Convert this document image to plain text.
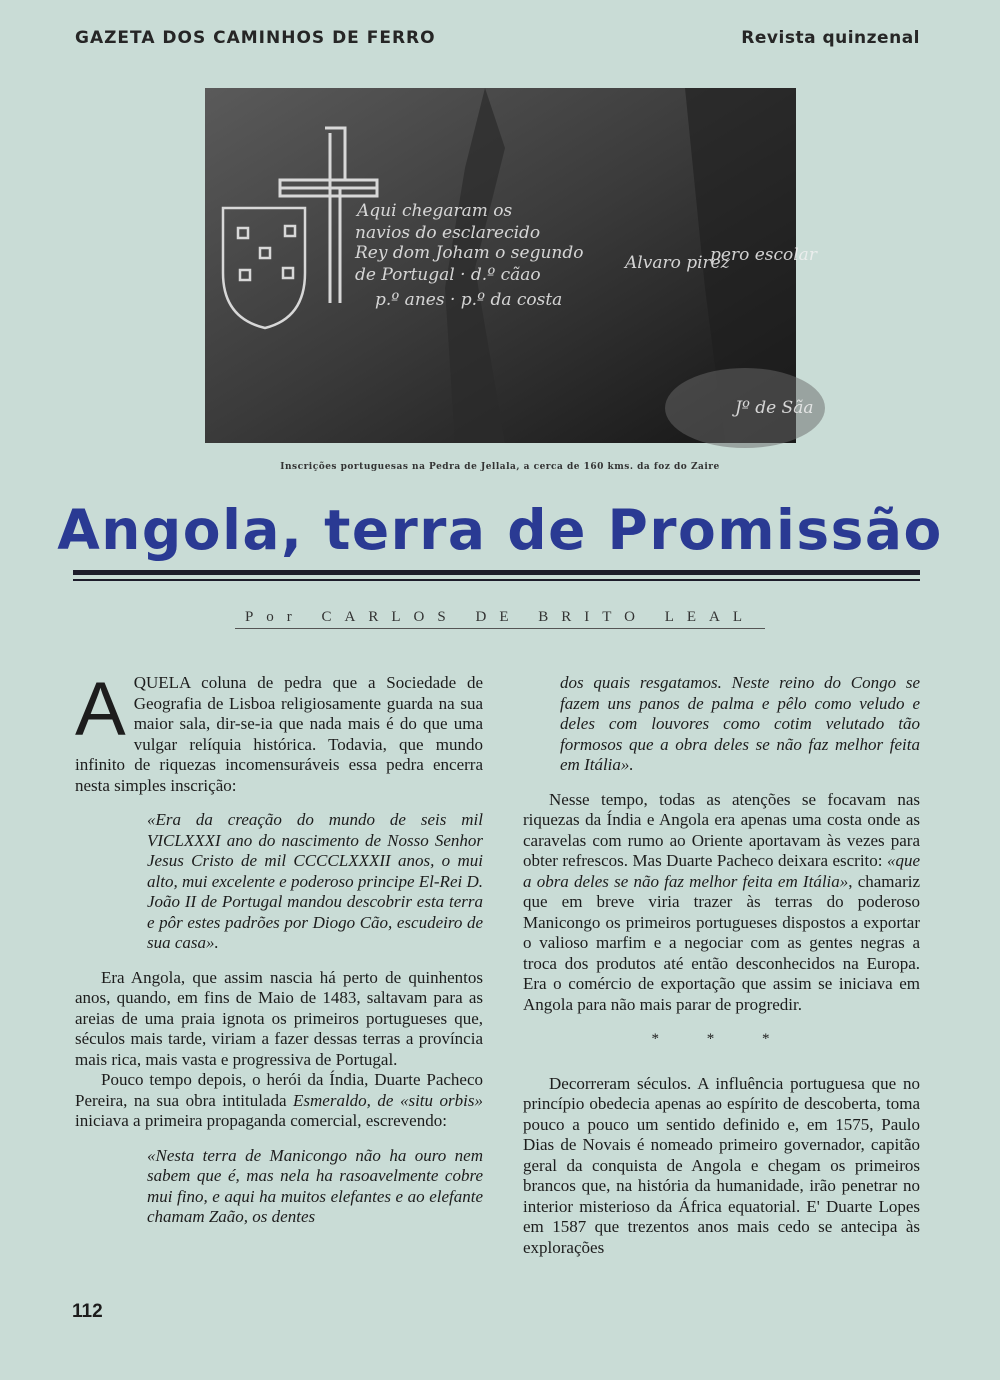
GAZETA DOS CAMINHOS DE FERRO	Revista quinzenal
Aqui chegaram os
navios do esclarecido
Rey dom Joham o segundo
de Portugal · d.º cãao
p.º anes · p.º da costa
Alvaro pirez
pero escolar
Jº de Sãa
Inscrições portuguesas na Pedra de Jellala, a cerca de 160 kms. da foz do Zaire
Angola, terra de Promissão
Por CARLOS DE BRITO LEAL

AQUELA coluna de pedra que a Sociedade de Geografia de Lisboa religiosamente guarda na sua maior sala, dir-se-ia que nada mais é do que uma vulgar relíquia histórica. Todavia, que mundo infinito de riquezas incomensuráveis essa pedra encerra nesta simples inscrição:

«Era da creação do mundo de seis mil VICLXXXI ano do nascimento de Nosso Senhor Jesus Cristo de mil CCCCLXXXII anos, o mui alto, mui excelente e poderoso principe El-Rei D. João II de Portugal mandou descobrir esta terra e pôr estes padrões por Diogo Cão, escudeiro de sua casa».

Era Angola, que assim nascia há perto de quinhentos anos, quando, em fins de Maio de 1483, saltavam para as areias de uma praia ignota os primeiros portugueses que, séculos mais tarde, viriam a fazer dessas terras a província mais rica, mais vasta e progressiva de Portugal.

Pouco tempo depois, o herói da Índia, Duarte Pacheco Pereira, na sua obra intitulada Esmeraldo, de «situ orbis» iniciava a primeira propaganda comercial, escrevendo:

«Nesta terra de Manicongo não ha ouro nem sabem que é, mas nela ha rasoavelmente cobre mui fino, e aqui ha muitos elefantes e ao elefante chamam Zaão, os dentes

dos quais resgatamos. Neste reino do Congo se fazem uns panos de palma e pêlo como veludo e deles com louvores como cotim velutado tão formosos que a obra deles se não faz melhor feita em Itália».

Nesse tempo, todas as atenções se focavam nas riquezas da Índia e Angola era apenas uma costa onde as caravelas com rumo ao Oriente aportavam às vezes para obter refrescos. Mas Duarte Pacheco deixara escrito: «que a obra deles se não faz melhor feita em Itália», chamariz que em breve viria trazer às terras do poderoso Manicongo os primeiros portugueses dispostos a exportar o valioso marfim e a negociar com as gentes negras a troca dos produtos até então desconhecidos na Europa. Era o comércio de exportação que assim se iniciava em Angola para não mais parar de progredir.

* * *

Decorreram séculos. A influência portuguesa que no princípio obedecia apenas ao espírito de descoberta, toma pouco a pouco um sentido definido e, em 1575, Paulo Dias de Novais é nomeado primeiro governador, capitão geral da conquista de Angola e chegam os primeiros brancos que, na história da humanidade, irão penetrar no interior misterioso da África equatorial. E' Duarte Lopes em 1587 que trezentos anos mais cedo se antecipa às explorações

112
